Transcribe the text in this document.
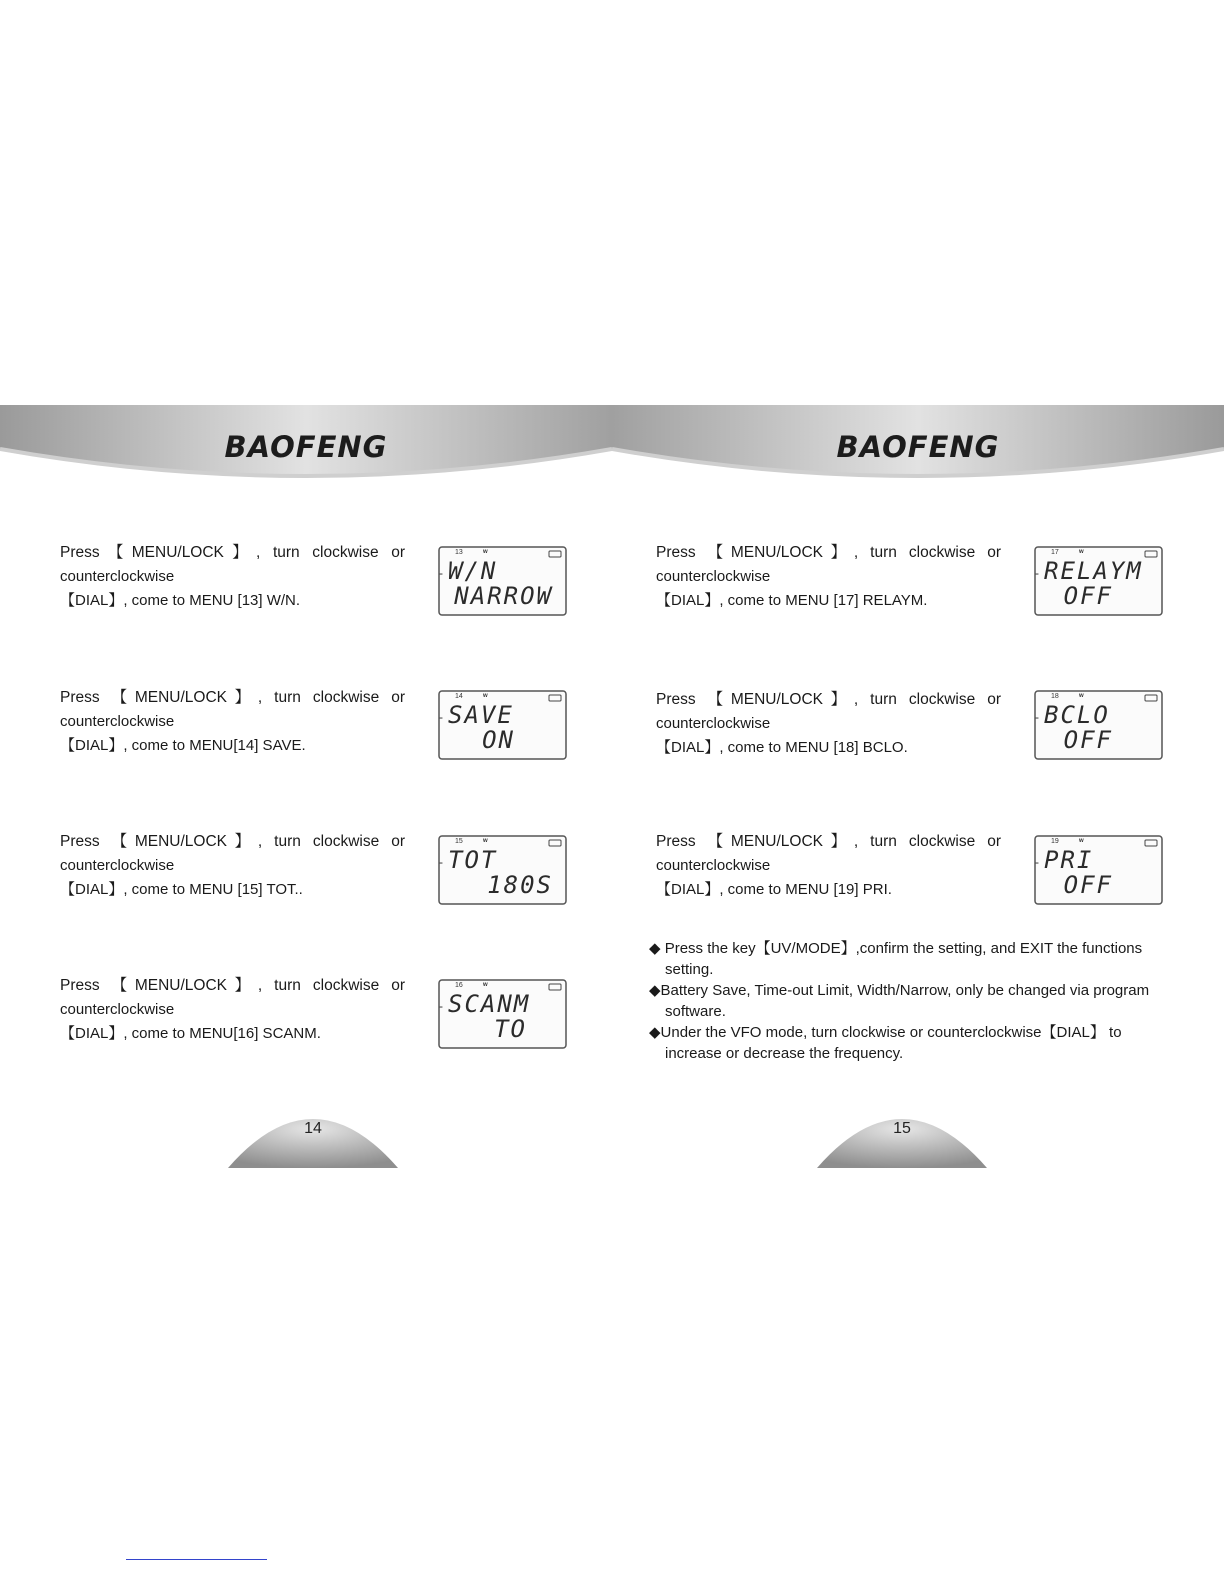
BAOFENG
Press【MENU/LOCK】, turn clockwise or
counterclockwise
【DIAL】, come to MENU [13] W/N.
13	w
- W/N
NARROW
Press 【MENU/LOCK】, turn clockwise or
counterclockwise
【DIAL】, come to MENU[14] SAVE.
14	w
- SAVE
ON
Press 【MENU/LOCK】, turn clockwise or
counterclockwise
【DIAL】, come to MENU [15] TOT..
15	w
- TOT
180S
Press 【MENU/LOCK】, turn clockwise or
counterclockwise
【DIAL】, come to MENU[16] SCANM.
16	w
- SCANM
TO
14
BAOFENG
Press 【MENU/LOCK】, turn clockwise or
counterclockwise
【DIAL】, come to MENU [17] RELAYM.
17	w
- RELAYM
OFF
Press 【MENU/LOCK】, turn clockwise or
counterclockwise
【DIAL】, come to MENU [18] BCLO.
18	w
- BCLO
OFF
Press 【MENU/LOCK】, turn clockwise or
counterclockwise
【DIAL】, come to MENU [19] PRI.
19	w
- PRI
OFF
◆ Press the key【UV/MODE】,confirm the setting, and EXIT the functions
setting.
◆Battery Save, Time-out Limit, Width/Narrow, only be changed via program
software.
◆Under the VFO mode, turn clockwise or counterclockwise【DIAL】 to
increase or decrease the frequency.
15
